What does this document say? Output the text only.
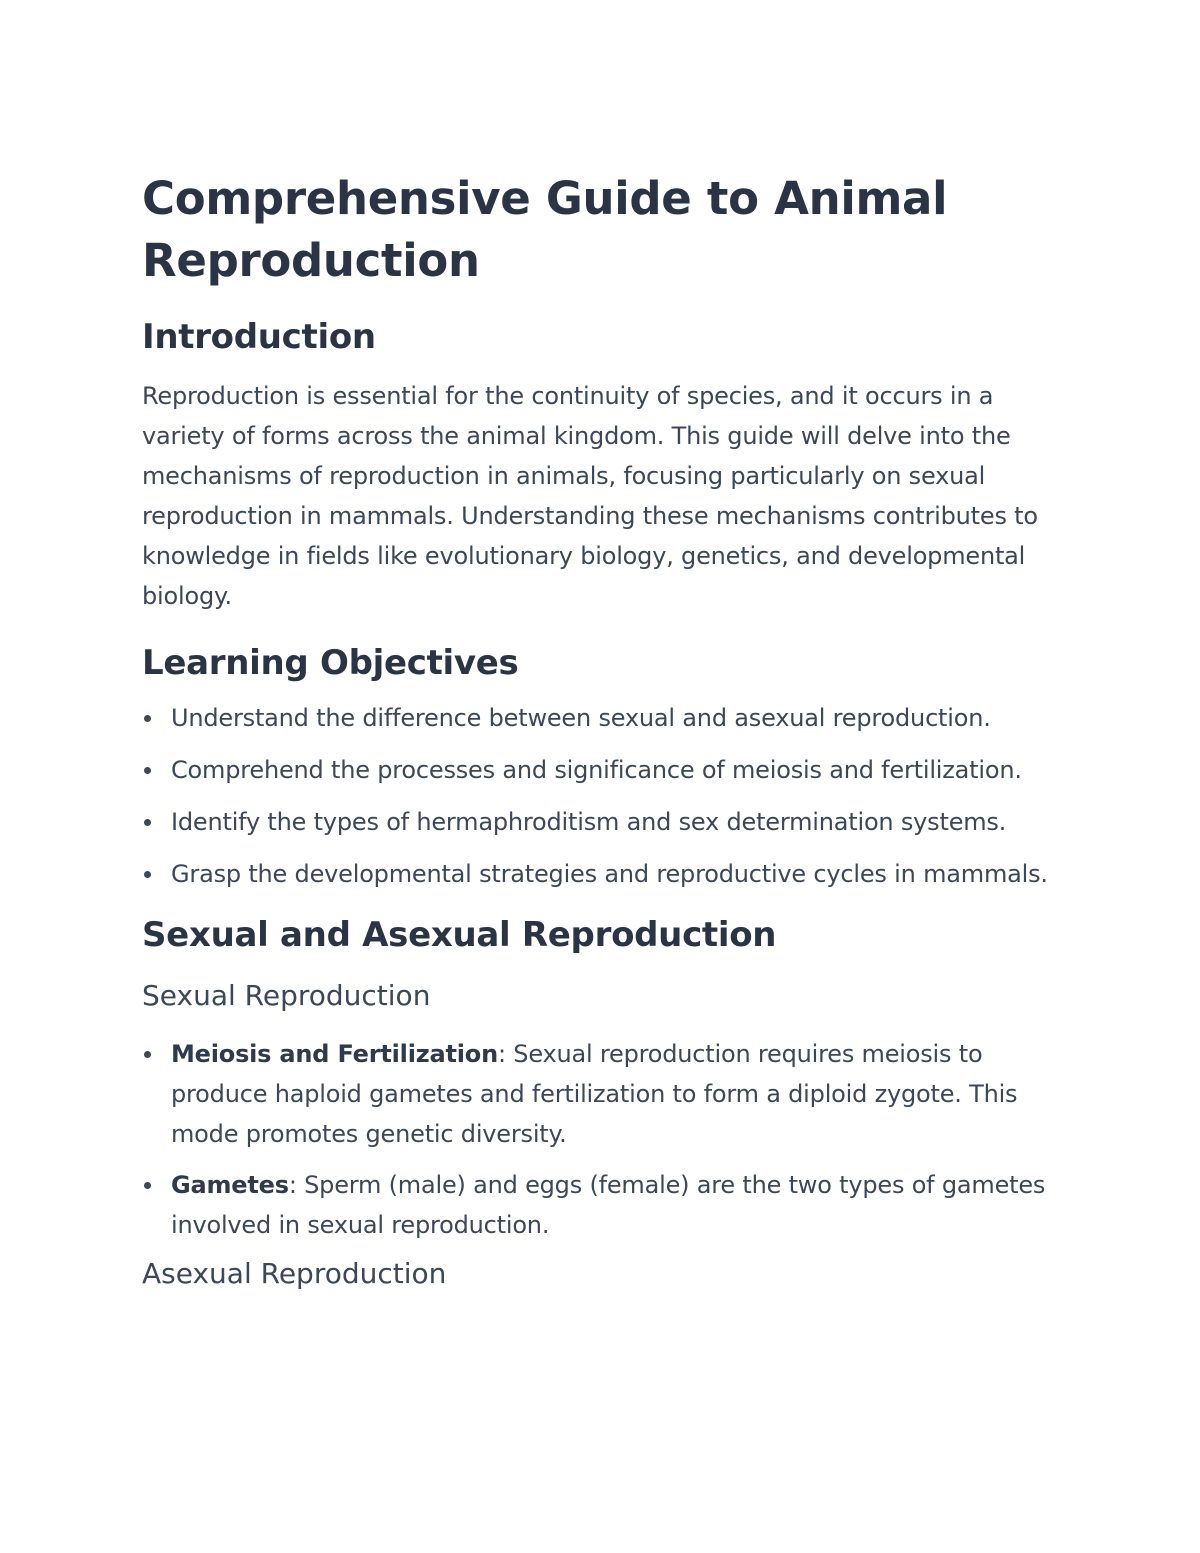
Comprehensive Guide to Animal Reproduction
Introduction

Reproduction is essential for the continuity of species, and it occurs in a variety of forms across the animal kingdom. This guide will delve into the mechanisms of reproduction in animals, focusing particularly on sexual reproduction in mammals. Understanding these mechanisms contributes to knowledge in fields like evolutionary biology, genetics, and developmental biology.

Learning Objectives
Understand the difference between sexual and asexual reproduction.
Comprehend the processes and significance of meiosis and fertilization.
Identify the types of hermaphroditism and sex determination systems.
Grasp the developmental strategies and reproductive cycles in mammals.
Sexual and Asexual Reproduction
Sexual Reproduction
Meiosis and Fertilization: Sexual reproduction requires meiosis to produce haploid gametes and fertilization to form a diploid zygote. This mode promotes genetic diversity.
Gametes: Sperm (male) and eggs (female) are the two types of gametes involved in sexual reproduction.
Asexual Reproduction
